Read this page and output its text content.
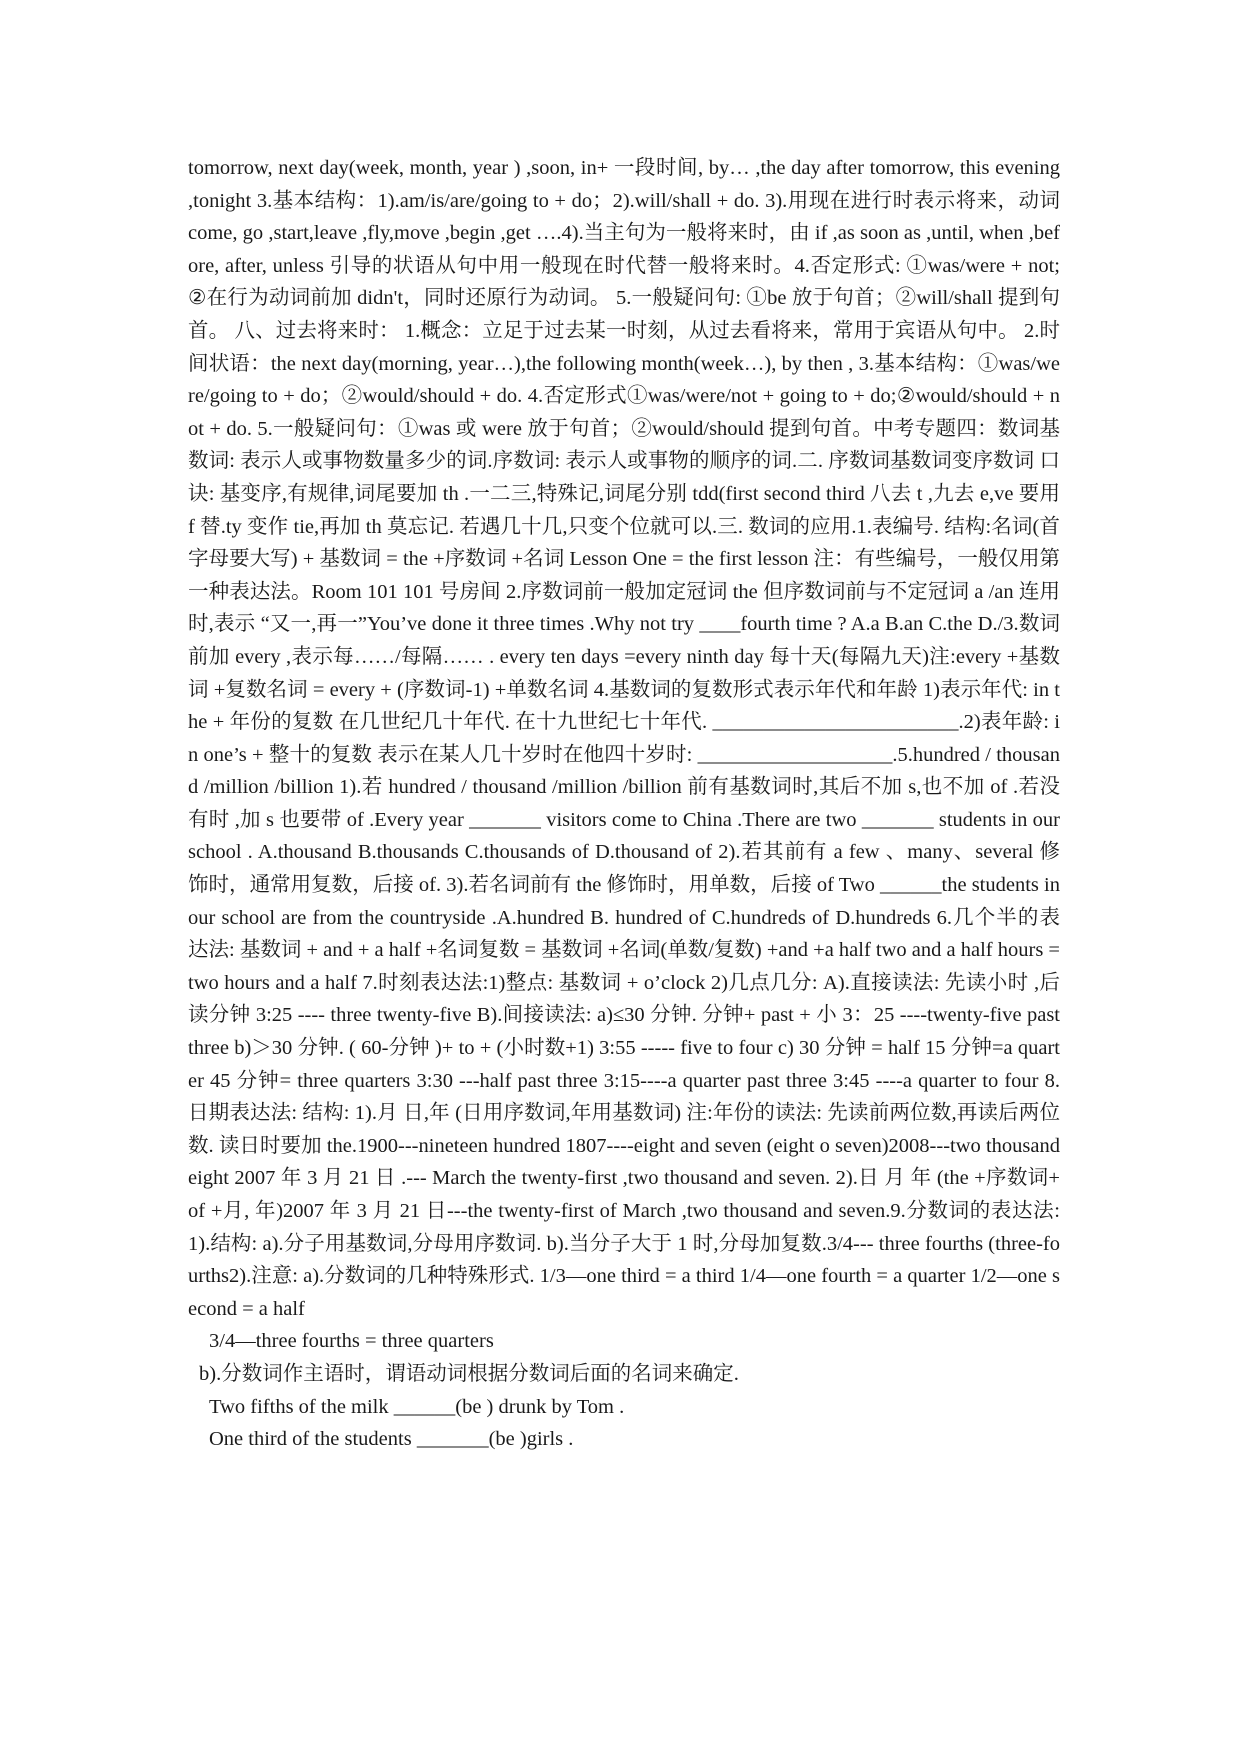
tomorrow, next day(week, month, year ) ,soon, in+ 一段时间, by… ,the day after tomorrow, this evening ,tonight 3.基本结构：1).am/is/are/going to + do；2).will/shall + do. 3).用现在进行时表示将来，动词 come, go ,start,leave ,fly,move ,begin ,get ….4).当主句为一般将来时，由 if ,as soon as ,until, when ,before, after, unless 引导的状语从句中用一般现在时代替一般将来时。4.否定形式: ①was/were + not; ②在行为动词前加 didn't，同时还原行为动词。 5.一般疑问句: ①be 放于句首；②will/shall 提到句首。 八、过去将来时： 1.概念：立足于过去某一时刻，从过去看将来，常用于宾语从句中。 2.时间状语：the next day(morning, year…),the following month(week…), by then , 3.基本结构：①was/were/going to + do；②would/should + do. 4.否定形式①was/were/not + going to + do;②would/should + not + do. 5.一般疑问句：①was 或 were 放于句首；②would/should 提到句首。中考专题四：数词基数词: 表示人或事物数量多少的词.序数词: 表示人或事物的顺序的词.二. 序数词基数词变序数词 口诀: 基变序,有规律,词尾要加 th .一二三,特殊记,词尾分别 tdd(first second third 八去 t ,九去 e,ve 要用 f 替.ty 变作 tie,再加 th 莫忘记. 若遇几十几,只变个位就可以.三. 数词的应用.1.表编号. 结构:名词(首字母要大写) + 基数词 = the +序数词 +名词 Lesson One = the first lesson 注：有些编号，一般仅用第一种表达法。Room 101 101 号房间 2.序数词前一般加定冠词 the 但序数词前与不定冠词 a /an 连用时,表示 “又一,再一”You’ve done it three times .Why not try ____fourth time ? A.a B.an C.the D./3.数词前加 every ,表示每……/每隔…… . every ten days =every ninth day 每十天(每隔九天)注:every +基数词 +复数名词 = every + (序数词-1) +单数名词 4.基数词的复数形式表示年代和年龄 1)表示年代: in the + 年份的复数 在几世纪几十年代. 在十九世纪七十年代. ________________________.2)表年龄: in one’s + 整十的复数 表示在某人几十岁时在他四十岁时: ___________________.5.hundred / thousand /million /billion 1).若 hundred / thousand /million /billion 前有基数词时,其后不加 s,也不加 of .若没有时 ,加 s 也要带 of .Every year _______ visitors come to China .There are two _______ students in our school . A.thousand B.thousands C.thousands of D.thousand of 2).若其前有 a few 、many、several 修饰时，通常用复数，后接 of. 3).若名词前有 the 修饰时，用单数，后接 of Two ______the students in our school are from the countryside .A.hundred B. hundred of C.hundreds of D.hundreds 6.几个半的表达法: 基数词 + and + a half +名词复数 = 基数词 +名词(单数/复数) +and +a half two and a half hours = two hours and a half 7.时刻表达法:1)整点: 基数词 + o’clock 2)几点几分: A).直接读法: 先读小时 ,后读分钟 3:25 ---- three twenty-five B).间接读法: a)≤30 分钟. 分钟+ past + 小 3：25 ----twenty-five past three b)＞30 分钟. ( 60-分钟 )+ to + (小时数+1) 3:55 ----- five to four c) 30 分钟 = half 15 分钟=a quarter 45 分钟= three quarters 3:30 ---half past three 3:15----a quarter past three 3:45 ----a quarter to four 8.日期表达法: 结构: 1).月 日,年 (日用序数词,年用基数词) 注:年份的读法: 先读前两位数,再读后两位数. 读日时要加 the.1900---nineteen hundred 1807----eight and seven (eight o seven)2008---two thousand eight 2007 年 3 月 21 日 .--- March the twenty-first ,two thousand and seven. 2).日 月 年 (the +序数词+of +月, 年)2007 年 3 月 21 日---the twenty-first of March ,two thousand and seven.9.分数词的表达法: 1).结构: a).分子用基数词,分母用序数词. b).当分子大于 1 时,分母加复数.3/4--- three fourths (three-fourths2).注意: a).分数词的几种特殊形式. 1/3—one third = a third 1/4—one fourth = a quarter 1/2—one second = a half

3/4—three fourths = three quarters

b).分数词作主语时，谓语动词根据分数词后面的名词来确定.

Two fifths of the milk ______(be ) drunk by Tom .

One third of the students _______(be )girls .
